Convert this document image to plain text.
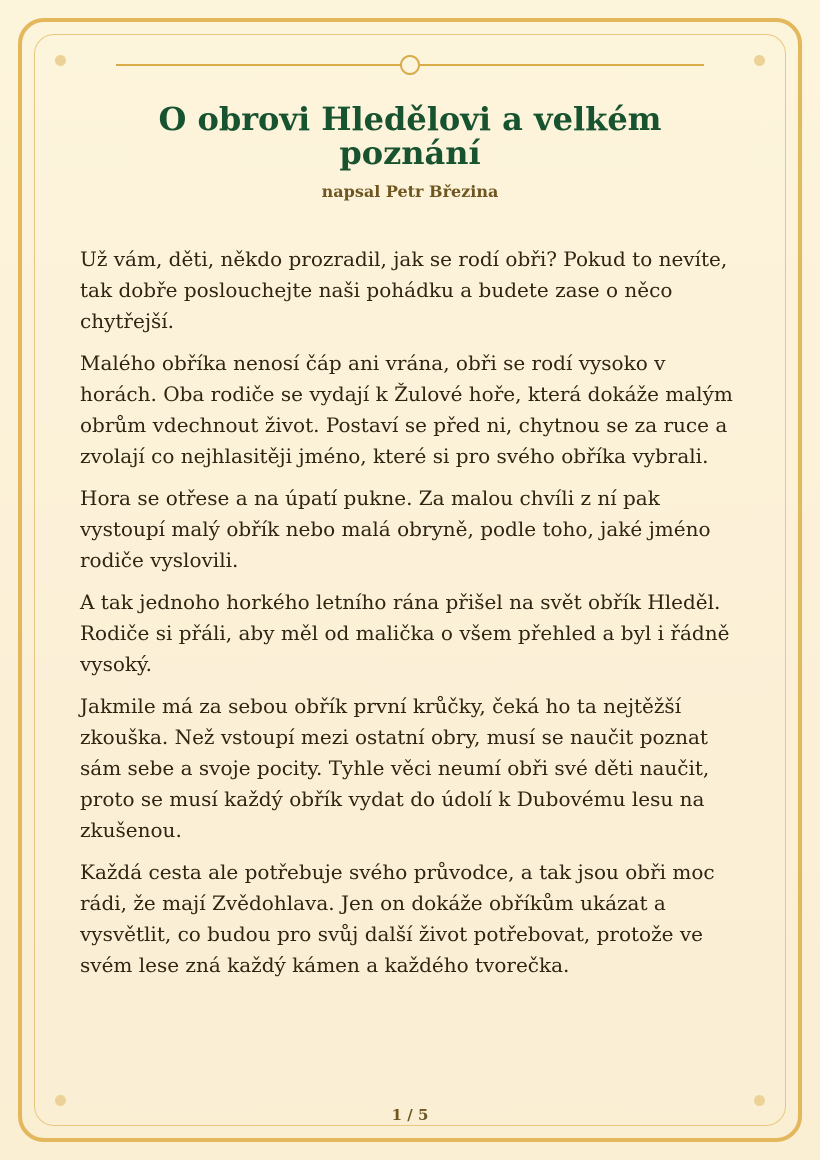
O obrovi Hledělovi a velkém poznání
napsal Petr Březina

Už vám, děti, někdo prozradil, jak se rodí obři? Pokud to nevíte, tak dobře poslouchejte naši pohádku a budete zase o něco chytřejší.

Malého obříka nenosí čáp ani vrána, obři se rodí vysoko v horách. Oba rodiče se vydají k Žulové hoře, která dokáže malým obrům vdechnout život. Postaví se před ni, chytnou se za ruce a zvolají co nejhlasitěji jméno, které si pro svého obříka vybrali.

Hora se otřese a na úpatí pukne. Za malou chvíli z ní pak vystoupí malý obřík nebo malá obryně, podle toho, jaké jméno rodiče vyslovili.

A tak jednoho horkého letního rána přišel na svět obřík Hleděl. Rodiče si přáli, aby měl od malička o všem přehled a byl i řádně vysoký.

Jakmile má za sebou obřík první krůčky, čeká ho ta nejtěžší zkouška. Než vstoupí mezi ostatní obry, musí se naučit poznat sám sebe a svoje pocity. Tyhle věci neumí obři své děti naučit, proto se musí každý obřík vydat do údolí k Dubovému lesu na zkušenou.

Každá cesta ale potřebuje svého průvodce, a tak jsou obři moc rádi, že mají Zvědohlava. Jen on dokáže obříkům ukázat a vysvětlit, co budou pro svůj další život potřebovat, protože ve svém lese zná každý kámen a každého tvorečka.

1 / 5
